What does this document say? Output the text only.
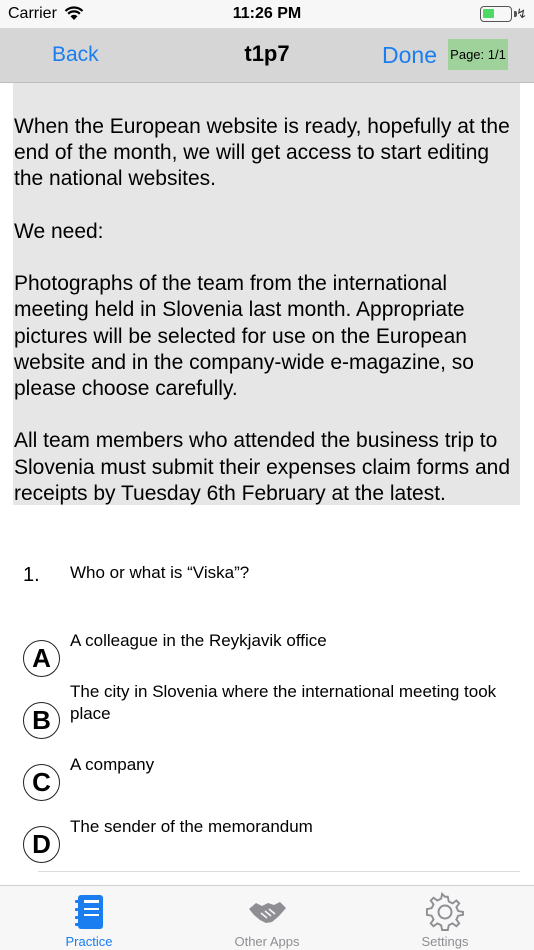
Carrier	11:26 PM	↯
Back	t1p7	Done Page: 1/1

When the European website is ready, hopefully at the end of the month, we will get access to start editing the national websites.

We need:

Photographs of the team from the international meeting held in Slovenia last month. Appropriate pictures will be selected for use on the European website and in the company-wide e-magazine, so please choose carefully.

All team members who attended the business trip to Slovenia must submit their expenses claim forms and receipts by Tuesday 6th February at the latest.

1. Who or what is “Viska”?
A
A colleague in the Reykjavik office
B
The city in Slovenia where the international meeting took place
C
A company
D
The sender of the memorandum
Practice	Other Apps	Settings
